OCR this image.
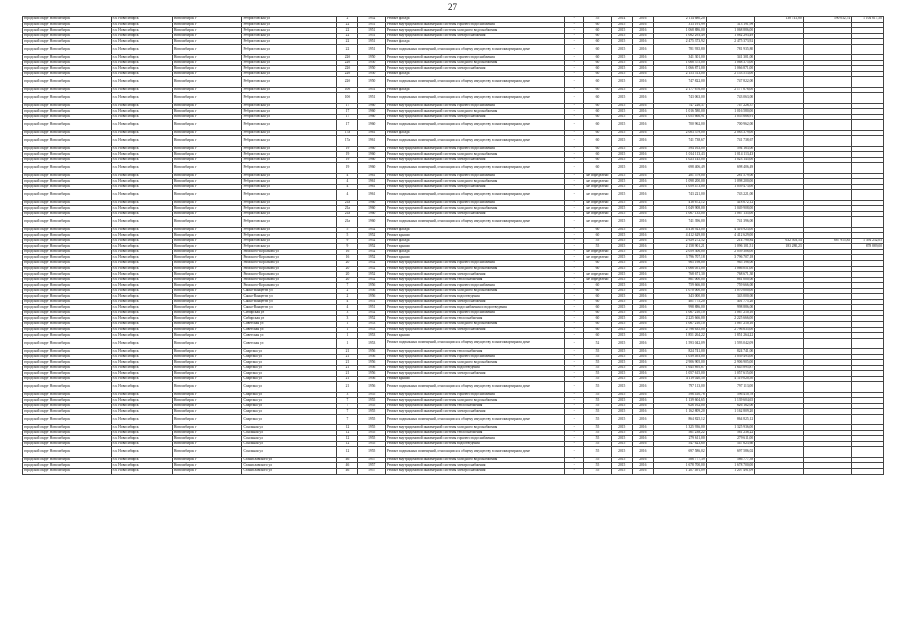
27
городской округ Новосибирск	г.п. Новосибирск	Новосибирск г	Ребристовская ул	2	1952	Ремонт фасада	-	55	2014	2016	2 114 680,20		138 741,80	590 032,74	1 104 617,50
городской округ Новосибирск	г.п. Новосибирск	Новосибирск г	Ребристовская ул	22	1951	Ремонт внутридомовой инженерной системы горячего водоснабжения	-	60	2015	2016	313 191,99	313 191,99			
городской округ Новосибирск	г.п. Новосибирск	Новосибирск г	Ребристовская ул	22	1951	Ремонт внутридомовой инженерной системы холодного водоснабжения	-	60	2015	2016	1 068 886,00	1 068 886,00			
городской округ Новосибирск	г.п. Новосибирск	Новосибирск г	Ребристовская ул	22	1951	Ремонт внутридомовой инженерной системы электроснабжения	-	60	2015	2016	1 082 293,49	1 082 293,49			
городской округ Новосибирск	г.п. Новосибирск	Новосибирск г	Ребристовская ул	22	1951	Ремонт фасада	-	60	2015	2016	2 475 373,92	2 475 373,92			
городской округ Новосибирск	г.п. Новосибирск	Новосибирск г	Ребристовская ул	22	1951	Ремонт подвальных помещений, относящихся к общему имуществу в многоквартирном доме	-	60	2015	2016	781 935,80	781 935,80			
городской округ Новосибирск	г.п. Новосибирск	Новосибирск г	Ребристовская ул	22б	1950	Ремонт внутридомовой инженерной системы горячего водоснабжения	-	60	2015	2016	341 301,00	341 301,00			
городской округ Новосибирск	г.п. Новосибирск	Новосибирск г	Ребристовская ул	22б	1950	Ремонт внутридомовой инженерной системы холодного водоснабжения	-	60	2015	2016	1 068 375,00	1 068 375,00			
городской округ Новосибирск	г.п. Новосибирск	Новосибирск г	Ребристовская ул	22б	1950	Ремонт внутридомовой инженерной системы электроснабжения	-	60	2015	2016	1 066 871,00	1 066 871,00			
городской округ Новосибирск	г.п. Новосибирск	Новосибирск г	Ребристовская ул	22б	1950	Ремонт фасада	-	60	2015	2016	2 153 513,00	2 153 513,00			
городской округ Новосибирск	г.п. Новосибирск	Новосибирск г	Ребристовская ул	22б	1950	Ремонт подвальных помещений, относящихся к общему имуществу в многоквартирном доме	-	60	2015	2016	747 822,00	747 822,00			
городской округ Новосибирск	г.п. Новосибирск	Новосибирск г	Ребристовская ул	10б	1951	Ремонт фасада	-	60	2015	2016	2 177 676,00	2 177 676,00			
городской округ Новосибирск	г.п. Новосибирск	Новосибирск г	Ребристовская ул	10б	1951	Ремонт подвальных помещений, относящихся к общему имуществу в многоквартирном доме	-	60	2015	2016	743 063,00	743 063,00			
городской округ Новосибирск	г.п. Новосибирск	Новосибирск г	Ребристовская ул	17	1960	Ремонт внутридомовой инженерной системы горячего водоснабжения	-	60	2015	2016	747 226,37	747 226,37			
городской округ Новосибирск	г.п. Новосибирск	Новосибирск г	Ребристовская ул	17	1960	Ремонт внутридомовой инженерной системы холодного водоснабжения	-	60	2015	2016	1 016 580,00	1 016 580,00			
городской округ Новосибирск	г.п. Новосибирск	Новосибирск г	Ребристовская ул	17	1960	Ремонт внутридомовой инженерной системы электроснабжения	-	60	2015	2016	1 055 666,91	1 055 666,91			
городской округ Новосибирск	г.п. Новосибирск	Новосибирск г	Ребристовская ул	17	1960	Ремонт подвальных помещений, относящихся к общему имуществу в многоквартирном доме	-	60	2015	2016	700 962,00	700 962,00			
городской округ Новосибирск	г.п. Новосибирск	Новосибирск г	Ребристовская ул	17а	1961	Ремонт фасада	-	60	2015	2016	2 083 379,00	2 083 379,00			
городской округ Новосибирск	г.п. Новосибирск	Новосибирск г	Ребристовская ул	17а	1961	Ремонт подвальных помещений, относящихся к общему имуществу в многоквартирном доме	-	60	2015	2016	741 738,67	741 738,67			
городской округ Новосибирск	г.п. Новосибирск	Новосибирск г	Ребристовская ул	19	1960	Ремонт внутридомовой инженерной системы горячего водоснабжения	-	60	2015	2016	594 163,00	594 163,00			
городской округ Новосибирск	г.п. Новосибирск	Новосибирск г	Ребристовская ул	19	1960	Ремонт внутридомовой инженерной системы холодного водоснабжения	-	60	2015	2016	1 014 113,43	1 014 113,43			
городской округ Новосибирск	г.п. Новосибирск	Новосибирск г	Ребристовская ул	19	1960	Ремонт внутридомовой инженерной системы электроснабжения	-	60	2015	2016	1 023 145,00	1 023 145,00			
городской округ Новосибирск	г.п. Новосибирск	Новосибирск г	Ребристовская ул	19	1960	Ремонт подвальных помещений, относящихся к общему имуществу в многоквартирном доме	-	60	2015	2016	698 406,49	698 406,49			
городской округ Новосибирск	г.п. Новосибирск	Новосибирск г	Ребристовская ул	4	1961	Ремонт внутридомовой инженерной системы горячего водоснабжения	-	не определено	2015	2016	281 579,00	281 579,00			
городской округ Новосибирск	г.п. Новосибирск	Новосибирск г	Ребристовская ул	4	1961	Ремонт внутридомовой инженерной системы холодного водоснабжения	-	не определено	2015	2016	1 098 200,00	1 098 200,00			
городской округ Новосибирск	г.п. Новосибирск	Новосибирск г	Ребристовская ул	4	1961	Ремонт внутридомовой инженерной системы электроснабжения	-	не определено	2015	2016	1 059 473,00	1 059 473,00			
городской округ Новосибирск	г.п. Новосибирск	Новосибирск г	Ребристовская ул	4	1961	Ремонт подвальных помещений, относящихся к общему имуществу в многоквартирном доме	-	не определено	2015	2016	743 221,00	743 221,00			
городской округ Новосибирск	г.п. Новосибирск	Новосибирск г	Ребристовская ул	21а	1960	Ремонт внутридомовой инженерной системы горячего водоснабжения	-	не определено	2015	2016	418 672,12	418 672,12			
городской округ Новосибирск	г.п. Новосибирск	Новосибирск г	Ребристовская ул	21а	1960	Ремонт внутридомовой инженерной системы холодного водоснабжения	-	не определено	2015	2016	1 049 908,00	1 049 908,00			
городской округ Новосибирск	г.п. Новосибирск	Новосибирск г	Ребристовская ул	21а	1960	Ремонт внутридомовой инженерной системы электроснабжения	-	не определено	2015	2016	1 067 135,00	1 067 135,00			
городской округ Новосибирск	г.п. Новосибирск	Новосибирск г	Ребристовская ул	21а	1960	Ремонт подвальных помещений, относящихся к общему имуществу в многоквартирном доме	-	не определено	2015	2016	741 396,00	741 396,00			
городской округ Новосибирск	г.п. Новосибирск	Новосибирск г	Ребристовская ул	5	1952	Ремонт фасада	-	60	2015	2016	4 416 923,00	4 416 923,00			
городской округ Новосибирск	г.п. Новосибирск	Новосибирск г	Ребристовская ул	5	1952	Ремонт крыши	-	60	2015	2016	4 412 629,00	4 412 629,00			
городской округ Новосибирск	г.п. Новосибирск	Новосибирск г	Ребристовская ул	9	1952	Ремонт фасада	-	55	2015	2016	2 929 272,52	214 790,84	632 503,54	687 915,85	1 394 232,05
городской округ Новосибирск	г.п. Новосибирск	Новосибирск г	Ребристовская ул	9	1952	Ремонт крыши	-	55	2015	2016	2 158 901,21	1 096 101,51	183 280,23		878 889,00
городской округ Новосибирск	г.п. Новосибирск	Новосибирск г	Римского-Корсакова ул	16	1952	Ремонт фасада	-	не определено	2015	2016	2 059 306,00	2 059 306,00			
городской округ Новосибирск	г.п. Новосибирск	Новосибирск г	Римского-Корсакова ул	16	1952	Ремонт крыши	-	не определено	2015	2016	3 796 707,18	3 796 707,18			
городской округ Новосибирск	г.п. Новосибирск	Новосибирск г	Римского-Корсакова ул	20	1952	Ремонт внутридомовой инженерной системы горячего водоснабжения	-	60	2015	2016	965 198,00	965 198,00			
городской округ Новосибирск	г.п. Новосибирск	Новосибирск г	Римского-Корсакова ул	20	1952	Ремонт внутридомовой инженерной системы холодного водоснабжения	-	60	2015	2016	1 066 051,00	1 066 051,00			
городской округ Новосибирск	г.п. Новосибирск	Новосибирск г	Римского-Корсакова ул	20	1952	Ремонт внутридомовой инженерной системы электроснабжения	-	не определено	2015	2016	768 671,30	768 671,30			
городской округ Новосибирск	г.п. Новосибирск	Новосибирск г	Римского-Корсакова ул	20	1952	Ремонт внутридомовой инженерной системы теплоснабжения	-	не определено	2015	2016	861 000,00	861 000,00			
городской округ Новосибирск	г.п. Новосибирск	Новосибирск г	Римского-Корсакова ул	7	1956	Ремонт внутридомовой инженерной системы горячего водоснабжения	-	60	2015	2016	759 666,00	759 666,00			
городской округ Новосибирск	г.п. Новосибирск	Новосибирск г	Сакко-Ванцетти ул	2	1956	Ремонт внутридомовой инженерной системы холодного водоснабжения	-	60	2015	2016	1 070 000,00	1 070 000,00			
городской округ Новосибирск	г.п. Новосибирск	Новосибирск г	Сакко-Ванцетти ул	2	1956	Ремонт внутридомовой инженерной системы водоотведения	-	60	2015	2016	343 000,00	343 000,00			
городской округ Новосибирск	г.п. Новосибирск	Новосибирск г	Сакко-Ванцетти ул	4	1951	Ремонт внутридомовой инженерной системы электроснабжения	-	60	2015	2016	401 775,20	401 775,20			
городской округ Новосибирск	г.п. Новосибирск	Новосибирск г	Сакко-Ванцетти ул	4	1951	Ремонт внутридомовой инженерной системы водоснабжения и водоотведения	-	60	2015	2016	998 886,00	998 886,00			
городской округ Новосибирск	г.п. Новосибирск	Новосибирск г	Сибирская ул	3	1952	Ремонт внутридомовой инженерной системы горячего водоснабжения	-	60	2015	2016	1 067 210,10	1 067 210,10			
городской округ Новосибирск	г.п. Новосибирск	Новосибирск г	Сибирская ул	3	1952	Ремонт внутридомовой инженерной системы теплоснабжения	-	60	2015	2016	2 225 666,00	2 225 666,00			
городской округ Новосибирск	г.п. Новосибирск	Новосибирск г	Советская ул	1	1953	Ремонт внутридомовой инженерной системы холодного водоснабжения	-	60	2015	2016	1 067 210,10	1 067 210,10			
городской округ Новосибирск	г.п. Новосибирск	Новосибирск г	Советская ул	1	1953	Ремонт внутридомовой инженерной системы электроснабжения	-	60	2015	2016	2 796 635,00	2 796 635,00			
городской округ Новосибирск	г.п. Новосибирск	Новосибирск г	Советская ул	1	1953	Ремонт крыши	-	60	2015	2016	1 851 264,22	1 851 264,22			
городской округ Новосибирск	г.п. Новосибирск	Новосибирск г	Советская ул	1	1953	Ремонт подвальных помещений, относящихся к общему имуществу в многоквартирном доме	-	52	2015	2016	1 593 042,09	1 593 042,09			
городской округ Новосибирск	г.п. Новосибирск	Новосибирск г	Спартака ул	21	1956	Ремонт внутридомовой инженерной системы теплоснабжения	-	55	2015	2016	824 741,00	824 741,00			
городской округ Новосибирск	г.п. Новосибирск	Новосибирск г	Спартака ул	21	1956	Ремонт внутридомовой инженерной системы горячего водоснабжения	-	55	2015	2016	1 039 493,00	1 039 493,00			
городской округ Новосибирск	г.п. Новосибирск	Новосибирск г	Спартака ул	21	1956	Ремонт внутридомовой инженерной системы холодного водоснабжения	-	55	2015	2016	2 906 905,00	2 906 905,00			
городской округ Новосибирск	г.п. Новосибирск	Новосибирск г	Спартака ул	21	1956	Ремонт внутридомовой инженерной системы водоотведения	-	55	2015	2016	1 645 895,87	1 645 895,87			
городской округ Новосибирск	г.п. Новосибирск	Новосибирск г	Спартака ул	21	1956	Ремонт внутридомовой инженерной системы электроснабжения	-	55	2015	2016	1 057 615,00	1 057 615,00			
городской округ Новосибирск	г.п. Новосибирск	Новосибирск г	Спартака ул	21	1956	Ремонт крыши	-	55	2015	2016	4 119 020,50	4 119 020,50			
городской округ Новосибирск	г.п. Новосибирск	Новосибирск г	Спартака ул	21	1956	Ремонт подвальных помещений, относящихся к общему имуществу в многоквартирном доме	-	55	2015	2016	797 113,00	797 113,00			
городской округ Новосибирск	г.п. Новосибирск	Новосибирск г	Спартака ул	3	1955	Ремонт внутридомовой инженерной системы горячего водоснабжения	-	55	2015	2016	596 410,78	596 410,78			
городской округ Новосибирск	г.п. Новосибирск	Новосибирск г	Спартака ул	7	1955	Ремонт внутридомовой инженерной системы холодного водоснабжения	-	55	2015	2016	1 139 604,65	1 139 604,65			
городской округ Новосибирск	г.п. Новосибирск	Новосибирск г	Спартака ул	7	1955	Ремонт внутридомовой инженерной системы теплоснабжения	-	55	2015	2016	626 162,00	626 162,00			
городской округ Новосибирск	г.п. Новосибирск	Новосибирск г	Спартака ул	7	1955	Ремонт внутридомовой инженерной системы электроснабжения	-	55	2015	2016	1 162 809,20	1 162 809,20			
городской округ Новосибирск	г.п. Новосибирск	Новосибирск г	Спартака ул	7	1955	Ремонт подвальных помещений, относящихся к общему имуществу в многоквартирном доме	-	55	2015	2016	864 825,12	864 825,12			
городской округ Новосибирск	г.п. Новосибирск	Новосибирск г	Ссыльная ул	12	1955	Ремонт внутридомовой инженерной системы холодного водоснабжения	-	55	2015	2016	1 325 936,00	1 325 936,00			
городской округ Новосибирск	г.п. Новосибирск	Новосибирск г	Ссыльная ул	12	1955	Ремонт внутридомовой инженерной системы теплоснабжения	-	55	2015	2016	561 238,22	561 238,22			
городской округ Новосибирск	г.п. Новосибирск	Новосибирск г	Ссыльная ул	12	1955	Ремонт внутридомовой инженерной системы горячего водоснабжения	-	55	2015	2016	279 611,00	279 611,00			
городской округ Новосибирск	г.п. Новосибирск	Новосибирск г	Ссыльная ул	12	1955	Ремонт внутридомовой инженерной системы водоотведения	-	55	2015	2016	547 623,60	547 623,60			
городской округ Новосибирск	г.п. Новосибирск	Новосибирск г	Ссыльная ул	12	1955	Ремонт подвальных помещений, относящихся к общему имуществу в многоквартирном доме	-	55	2015	2016	697 586,02	697 586,02			
городской округ Новосибирск	г.п. Новосибирск	Новосибирск г	Станиславского ул	46	1957	Ремонт внутридомовой инженерной системы холодного водоснабжения	-	55	2015	2016	586 777,39	586 777,39			
городской округ Новосибирск	г.п. Новосибирск	Новосибирск г	Станиславского ул	46	1957	Ремонт внутридомовой инженерной системы электроснабжения	-	55	2015	2016	1 678 700,00	1 678 700,00			
городской округ Новосибирск	г.п. Новосибирск	Новосибирск г	Станиславского ул	46	1957	Ремонт внутридомовой инженерной системы электроснабжения	-	55	2015	2016	1 207 491,09	1 207 491,09			
